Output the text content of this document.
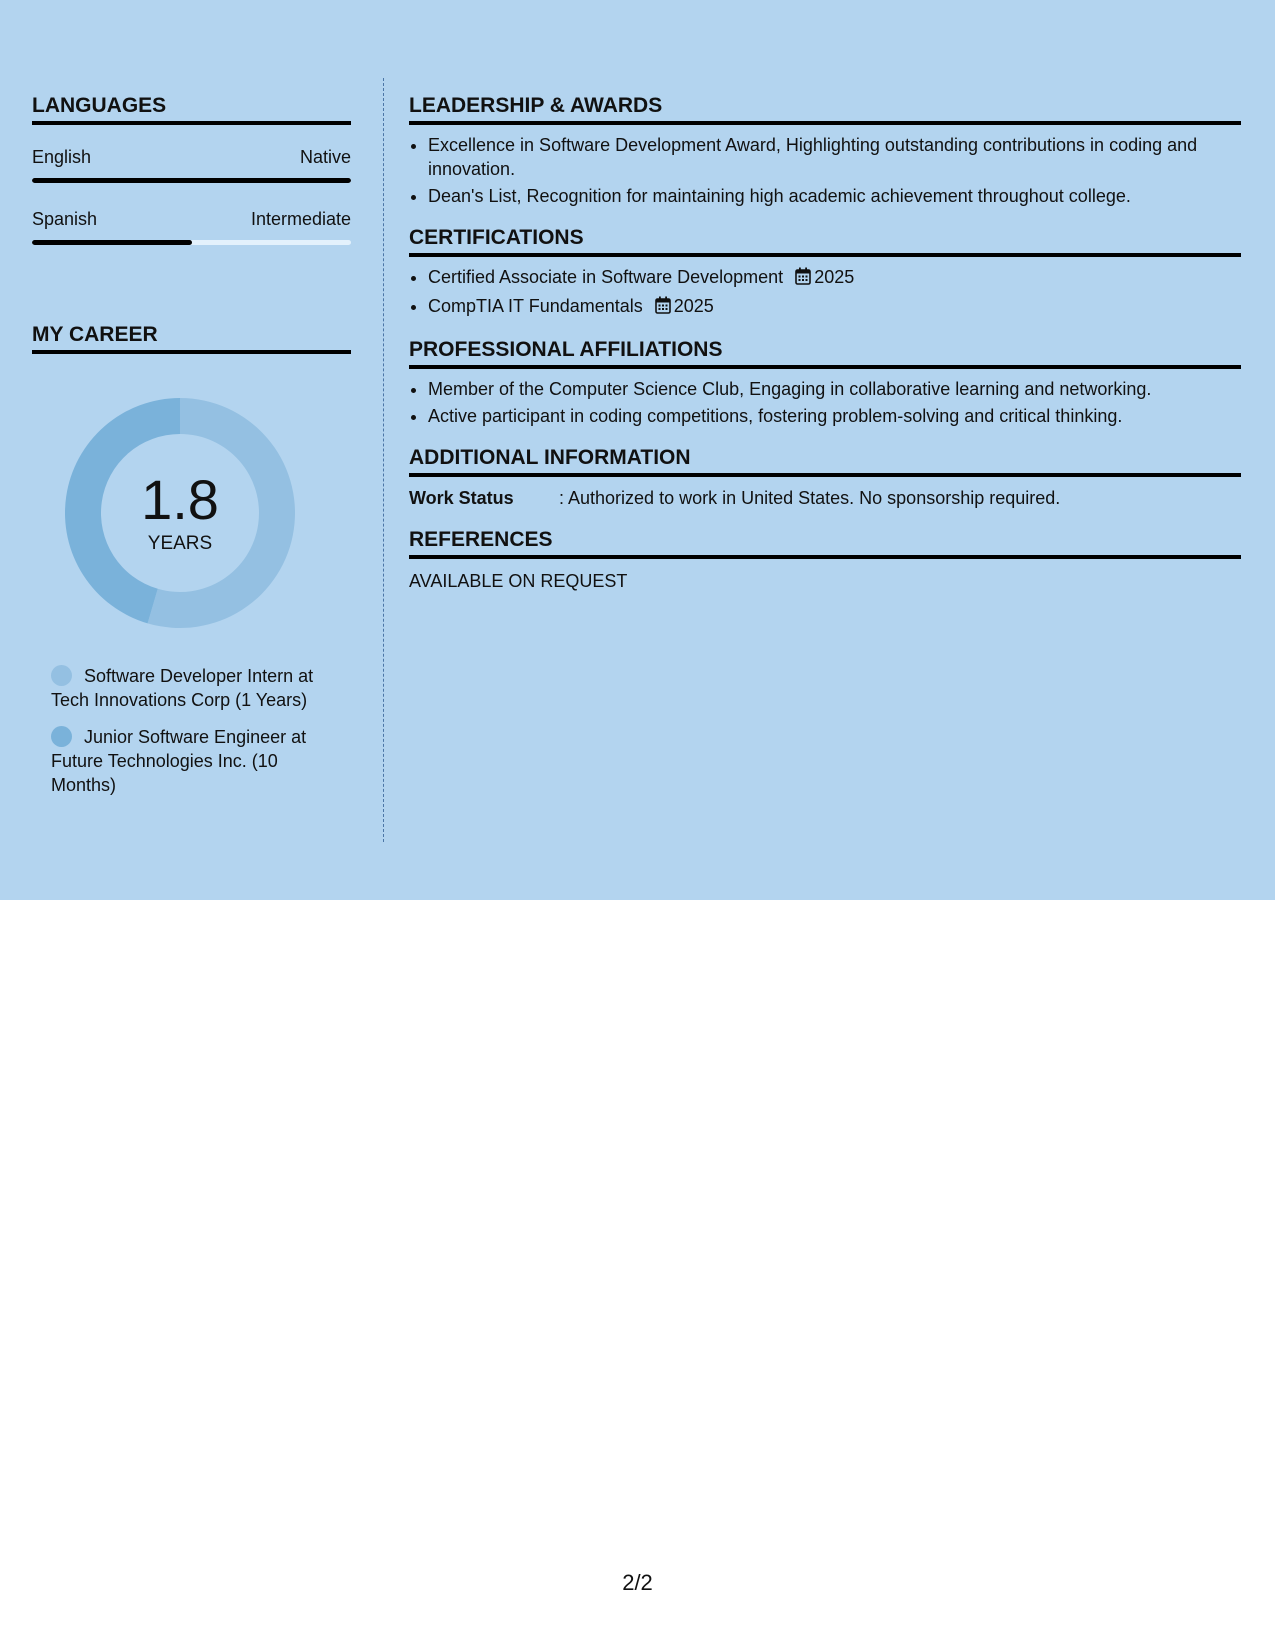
LANGUAGES
English	Native
Spanish	Intermediate
MY CAREER
1.8
YEARS
Software Developer Intern at Tech Innovations Corp (1 Years)
Junior Software Engineer at Future Technologies Inc. (10 Months)
LEADERSHIP & AWARDS
• Excellence in Software Development Award, Highlighting outstanding contributions in coding and innovation.
• Dean's List, Recognition for maintaining high academic achievement throughout college.
CERTIFICATIONS
• Certified Associate in Software Development 2025
• CompTIA IT Fundamentals 2025
PROFESSIONAL AFFILIATIONS
• Member of the Computer Science Club, Engaging in collaborative learning and networking.
• Active participant in coding competitions, fostering problem-solving and critical thinking.
ADDITIONAL INFORMATION
Work Status	: Authorized to work in United States. No sponsorship required.
REFERENCES
AVAILABLE ON REQUEST
2/2
